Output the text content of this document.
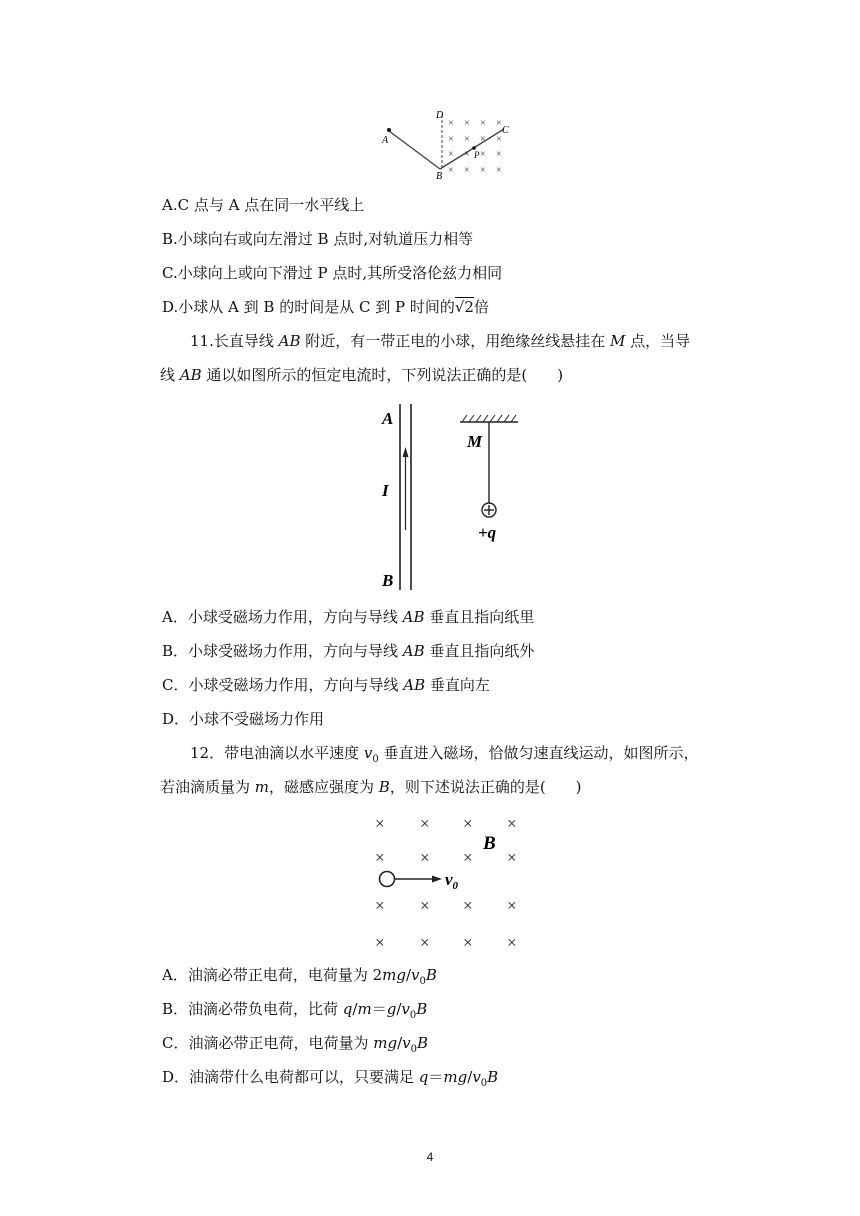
A
B
C
D
P
× × × ×
× × × ×
× × × ×
× × × ×
A.C 点与 A 点在同一水平线上
B.小球向右或向左滑过 B 点时,对轨道压力相等
C.小球向上或向下滑过 P 点时,其所受洛伦兹力相同
D.小球从 A 到 B 的时间是从 C 到 P 时间的√2倍
11.长直导线 AB 附近，有一带正电的小球，用绝缘丝线悬挂在 M 点，当导
线 AB 通以如图所示的恒定电流时，下列说法正确的是(　　)
A
I
B
M
+q
A．小球受磁场力作用，方向与导线 AB 垂直且指向纸里
B．小球受磁场力作用，方向与导线 AB 垂直且指向纸外
C．小球受磁场力作用，方向与导线 AB 垂直向左
D．小球不受磁场力作用
12．带电油滴以水平速度 $v_0$ 垂直进入磁场，恰做匀速直线运动，如图所示，
若油滴质量为 m，磁感应强度为 B，则下述说法正确的是(　　)
× × × ×
× × × ×
× × × ×
× × × ×
B
$v_0$
A．油滴必带正电荷，电荷量为 $2mg/v_0B$
B．油滴必带负电荷，比荷 $q/m=g/v_0B$
C．油滴必带正电荷，电荷量为 $mg/v_0B$
D．油滴带什么电荷都可以，只要满足 $q=mg/v_0B$
4
